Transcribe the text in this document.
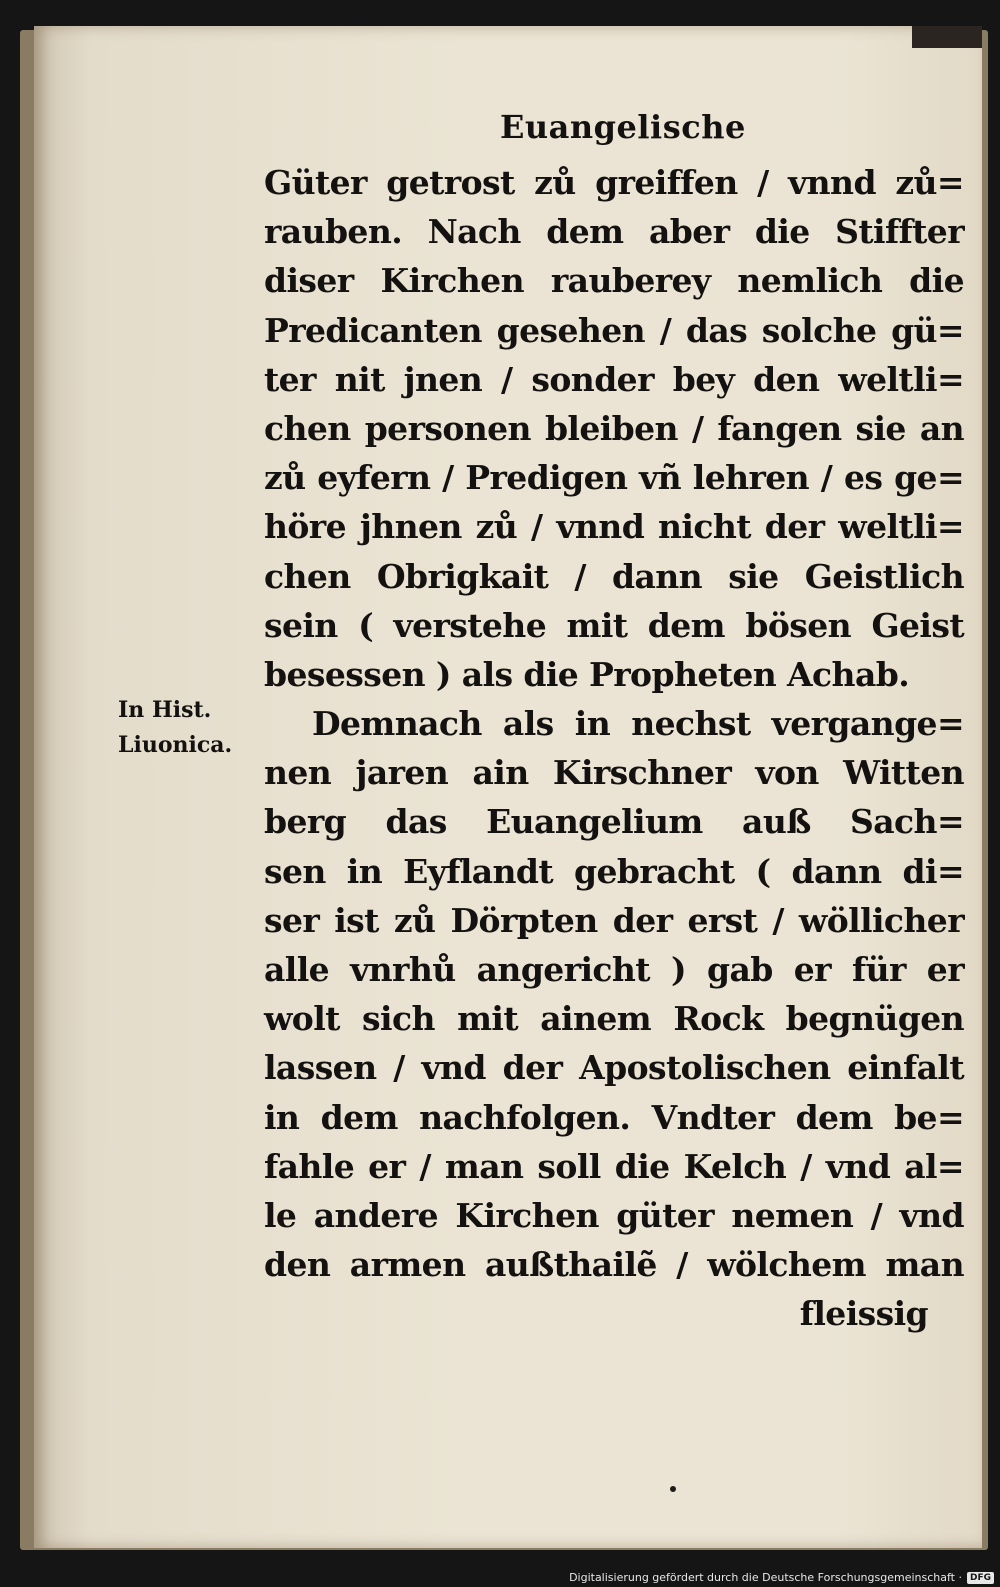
Euangelische
Güter getrost zů greiffen / vnnd zů=
rauben. Nach dem aber die Stiffter
diser Kirchen rauberey nemlich die
Predicanten gesehen / das solche gü=
ter nit jnen / sonder bey den weltli=
chen personen bleiben / fangen sie an
zů eyfern / Predigen vñ lehren / es ge=
höre jhnen zů / vnnd nicht der weltli=
chen Obrigkait / dann sie Geistlich
sein ( verstehe mit dem bösen Geist
besessen ) als die Propheten Achab.
Demnach als in nechst vergange=
nen jaren ain Kirschner von Witten
berg das Euangelium auß Sach=
sen in Eyflandt gebracht ( dann di=
ser ist zů Dörpten der erst / wöllicher
alle vnrhů angericht ) gab er für er
wolt sich mit ainem Rock begnügen
lassen / vnd der Apostolischen einfalt
in dem nachfolgen. Vndter dem be=
fahle er / man soll die Kelch / vnd al=
le andere Kirchen güter nemen / vnd
den armen außthailẽ / wölchem man
fleissig
In Hist.
Liuonica.
Digitalisierung gefördert durch die Deutsche Forschungsgemeinschaft · DFG
